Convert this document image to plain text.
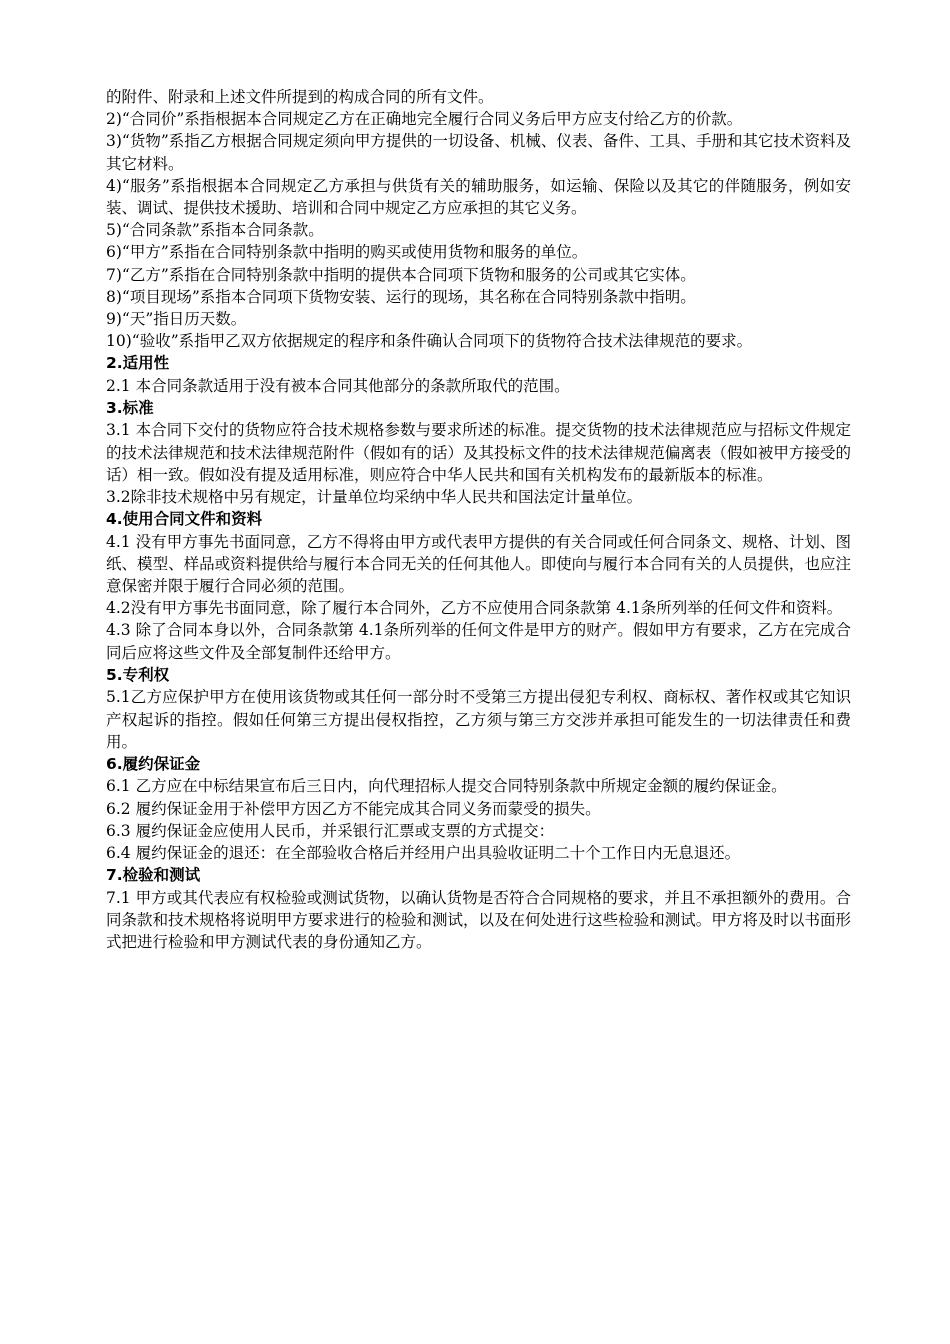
的附件、附录和上述文件所提到的构成合同的所有文件。

2)“合同价”系指根据本合同规定乙方在正确地完全履行合同义务后甲方应支付给乙方的价款。

3)“货物”系指乙方根据合同规定须向甲方提供的一切设备、机械、仪表、备件、工具、手册和其它技术资料及其它材料。

4)“服务”系指根据本合同规定乙方承担与供货有关的辅助服务，如运输、保险以及其它的伴随服务，例如安装、调试、提供技术援助、培训和合同中规定乙方应承担的其它义务。

5)“合同条款”系指本合同条款。

6)“甲方”系指在合同特别条款中指明的购买或使用货物和服务的单位。

7)“乙方”系指在合同特别条款中指明的提供本合同项下货物和服务的公司或其它实体。

8)“项目现场”系指本合同项下货物安装、运行的现场，其名称在合同特别条款中指明。

9)“天”指日历天数。

10)“验收”系指甲乙双方依据规定的程序和条件确认合同项下的货物符合技术法律规范的要求。

2.适用性

2.1 本合同条款适用于没有被本合同其他部分的条款所取代的范围。

3.标准

3.1 本合同下交付的货物应符合技术规格参数与要求所述的标准。提交货物的技术法律规范应与招标文件规定的技术法律规范和技术法律规范附件（假如有的话）及其投标文件的技术法律规范偏离表（假如被甲方接受的话）相一致。假如没有提及适用标准，则应符合中华人民共和国有关机构发布的最新版本的标准。

3.2除非技术规格中另有规定，计量单位均采纳中华人民共和国法定计量单位。

4.使用合同文件和资料

4.1 没有甲方事先书面同意，乙方不得将由甲方或代表甲方提供的有关合同或任何合同条文、规格、计划、图纸、模型、样品或资料提供给与履行本合同无关的任何其他人。即使向与履行本合同有关的人员提供，也应注意保密并限于履行合同必须的范围。

4.2没有甲方事先书面同意，除了履行本合同外，乙方不应使用合同条款第 4.1条所列举的任何文件和资料。

4.3 除了合同本身以外，合同条款第 4.1条所列举的任何文件是甲方的财产。假如甲方有要求，乙方在完成合同后应将这些文件及全部复制件还给甲方。

5.专利权

5.1乙方应保护甲方在使用该货物或其任何一部分时不受第三方提出侵犯专利权、商标权、著作权或其它知识产权起诉的指控。假如任何第三方提出侵权指控，乙方须与第三方交涉并承担可能发生的一切法律责任和费用。

6.履约保证金

6.1 乙方应在中标结果宣布后三日内，向代理招标人提交合同特别条款中所规定金额的履约保证金。

6.2 履约保证金用于补偿甲方因乙方不能完成其合同义务而蒙受的损失。

6.3 履约保证金应使用人民币，并采银行汇票或支票的方式提交：

6.4 履约保证金的退还：在全部验收合格后并经用户出具验收证明二十个工作日内无息退还。

7.检验和测试

7.1 甲方或其代表应有权检验或测试货物，以确认货物是否符合合同规格的要求，并且不承担额外的费用。合同条款和技术规格将说明甲方要求进行的检验和测试，以及在何处进行这些检验和测试。甲方将及时以书面形式把进行检验和甲方测试代表的身份通知乙方。
